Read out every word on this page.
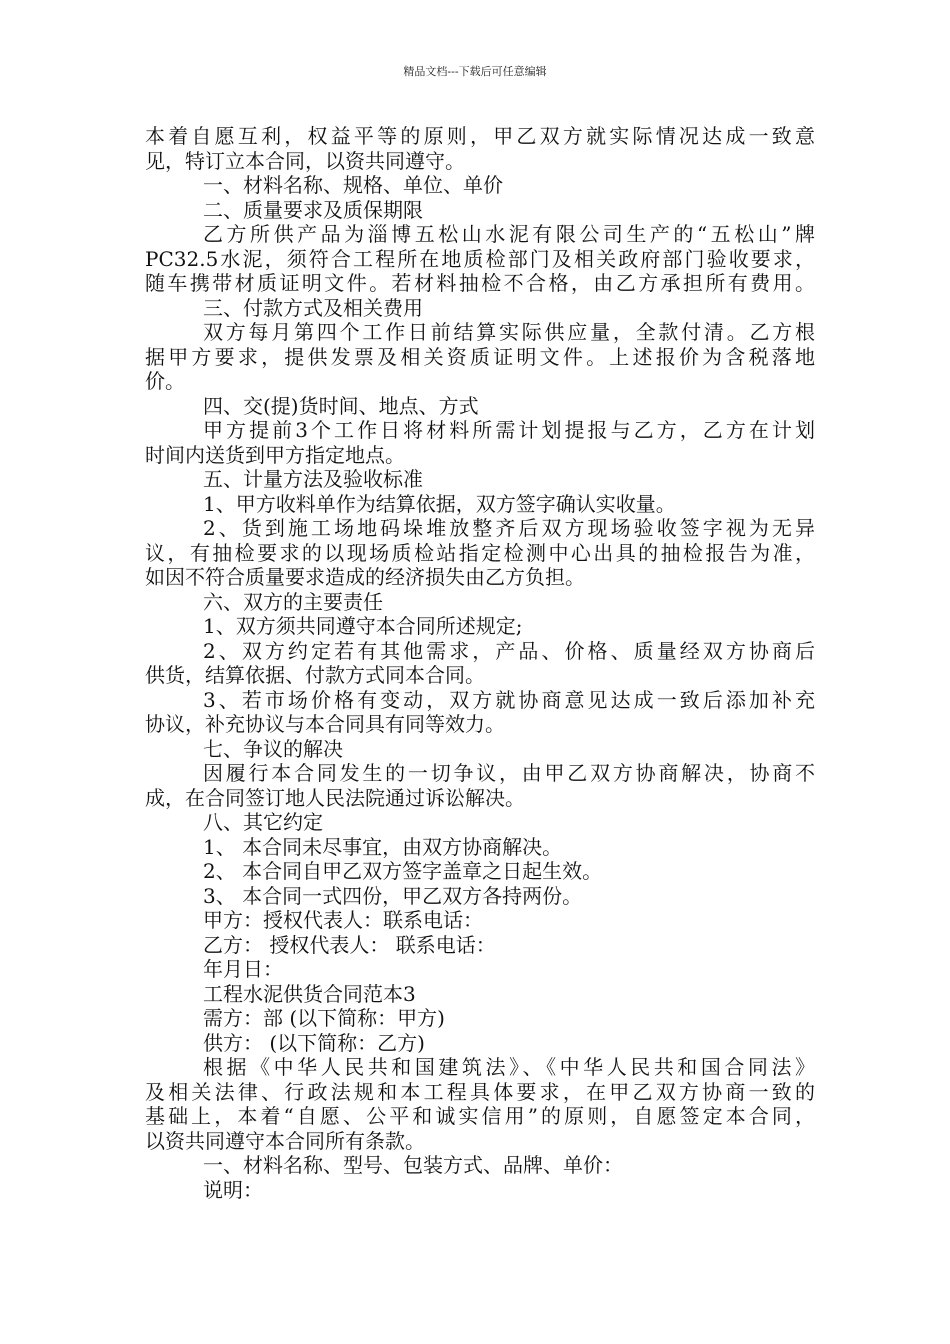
精品文档---下载后可任意编辑
本着自愿互利，权益平等的原则，甲乙双方就实际情况达成一致意
见，特订立本合同，以资共同遵守。
一、材料名称、规格、单位、单价
二、质量要求及质保期限
乙方所供产品为淄博五松山水泥有限公司生产的“五松山”牌
PC32.5水泥，须符合工程所在地质检部门及相关政府部门验收要求，
随车携带材质证明文件。若材料抽检不合格，由乙方承担所有费用。
三、付款方式及相关费用
双方每月第四个工作日前结算实际供应量，全款付清。乙方根
据甲方要求，提供发票及相关资质证明文件。上述报价为含税落地
价。
四、交(提)货时间、地点、方式
甲方提前3个工作日将材料所需计划提报与乙方，乙方在计划
时间内送货到甲方指定地点。
五、计量方法及验收标准
1、甲方收料单作为结算依据，双方签字确认实收量。
2、货到施工场地码垛堆放整齐后双方现场验收签字视为无异
议，有抽检要求的以现场质检站指定检测中心出具的抽检报告为准，
如因不符合质量要求造成的经济损失由乙方负担。
六、双方的主要责任
1、双方须共同遵守本合同所述规定;
2、双方约定若有其他需求，产品、价格、质量经双方协商后
供货，结算依据、付款方式同本合同。
3、若市场价格有变动，双方就协商意见达成一致后添加补充
协议，补充协议与本合同具有同等效力。
七、争议的解决
因履行本合同发生的一切争议，由甲乙双方协商解决，协商不
成，在合同签订地人民法院通过诉讼解决。
八、其它约定
1、 本合同未尽事宜，由双方协商解决。
2、 本合同自甲乙双方签字盖章之日起生效。
3、 本合同一式四份，甲乙双方各持两份。
甲方：授权代表人：联系电话：
乙方： 授权代表人： 联系电话：
年月日：
工程水泥供货合同范本3
需方：部 (以下简称：甲方)
供方： (以下简称：乙方)
根据《中华人民共和国建筑法》、《中华人民共和国合同法》
及相关法律、行政法规和本工程具体要求，在甲乙双方协商一致的
基础上，本着“自愿、公平和诚实信用”的原则，自愿签定本合同，
以资共同遵守本合同所有条款。
一、材料名称、型号、包装方式、品牌、单价：
说明：
